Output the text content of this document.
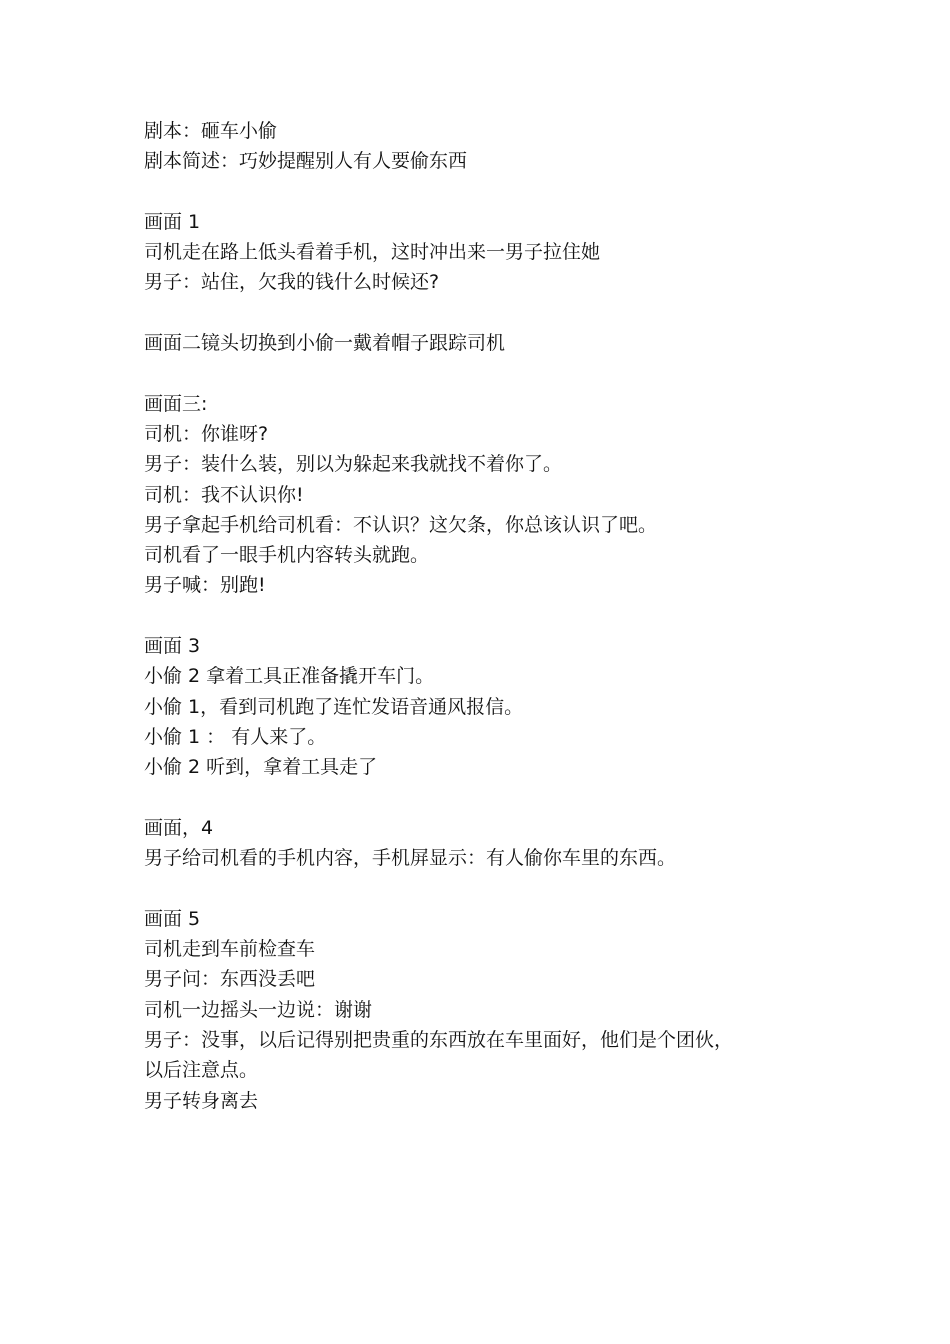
剧本：砸车小偷
剧本简述：巧妙提醒别人有人要偷东西
画面 1
司机走在路上低头看着手机，这时冲出来一男子拉住她
男子：站住，欠我的钱什么时候还?
画面二镜头切换到小偷一戴着帽子跟踪司机
画面三:
司机：你谁呀?
男子：装什么装，别以为躲起来我就找不着你了。
司机：我不认识你!
男子拿起手机给司机看：不认识？这欠条，你总该认识了吧。
司机看了一眼手机内容转头就跑。
男子喊：别跑!
画面 3
小偷 2 拿着工具正准备撬开车门。
小偷 1，看到司机跑了连忙发语音通风报信。
小偷 1 ： 有人来了。
小偷 2 听到，拿着工具走了
画面，4
男子给司机看的手机内容，手机屏显示：有人偷你车里的东西。
画面 5
司机走到车前检查车
男子问：东西没丢吧
司机一边摇头一边说：谢谢
男子：没事，以后记得别把贵重的东西放在车里面好，他们是个团伙，
以后注意点。
男子转身离去
